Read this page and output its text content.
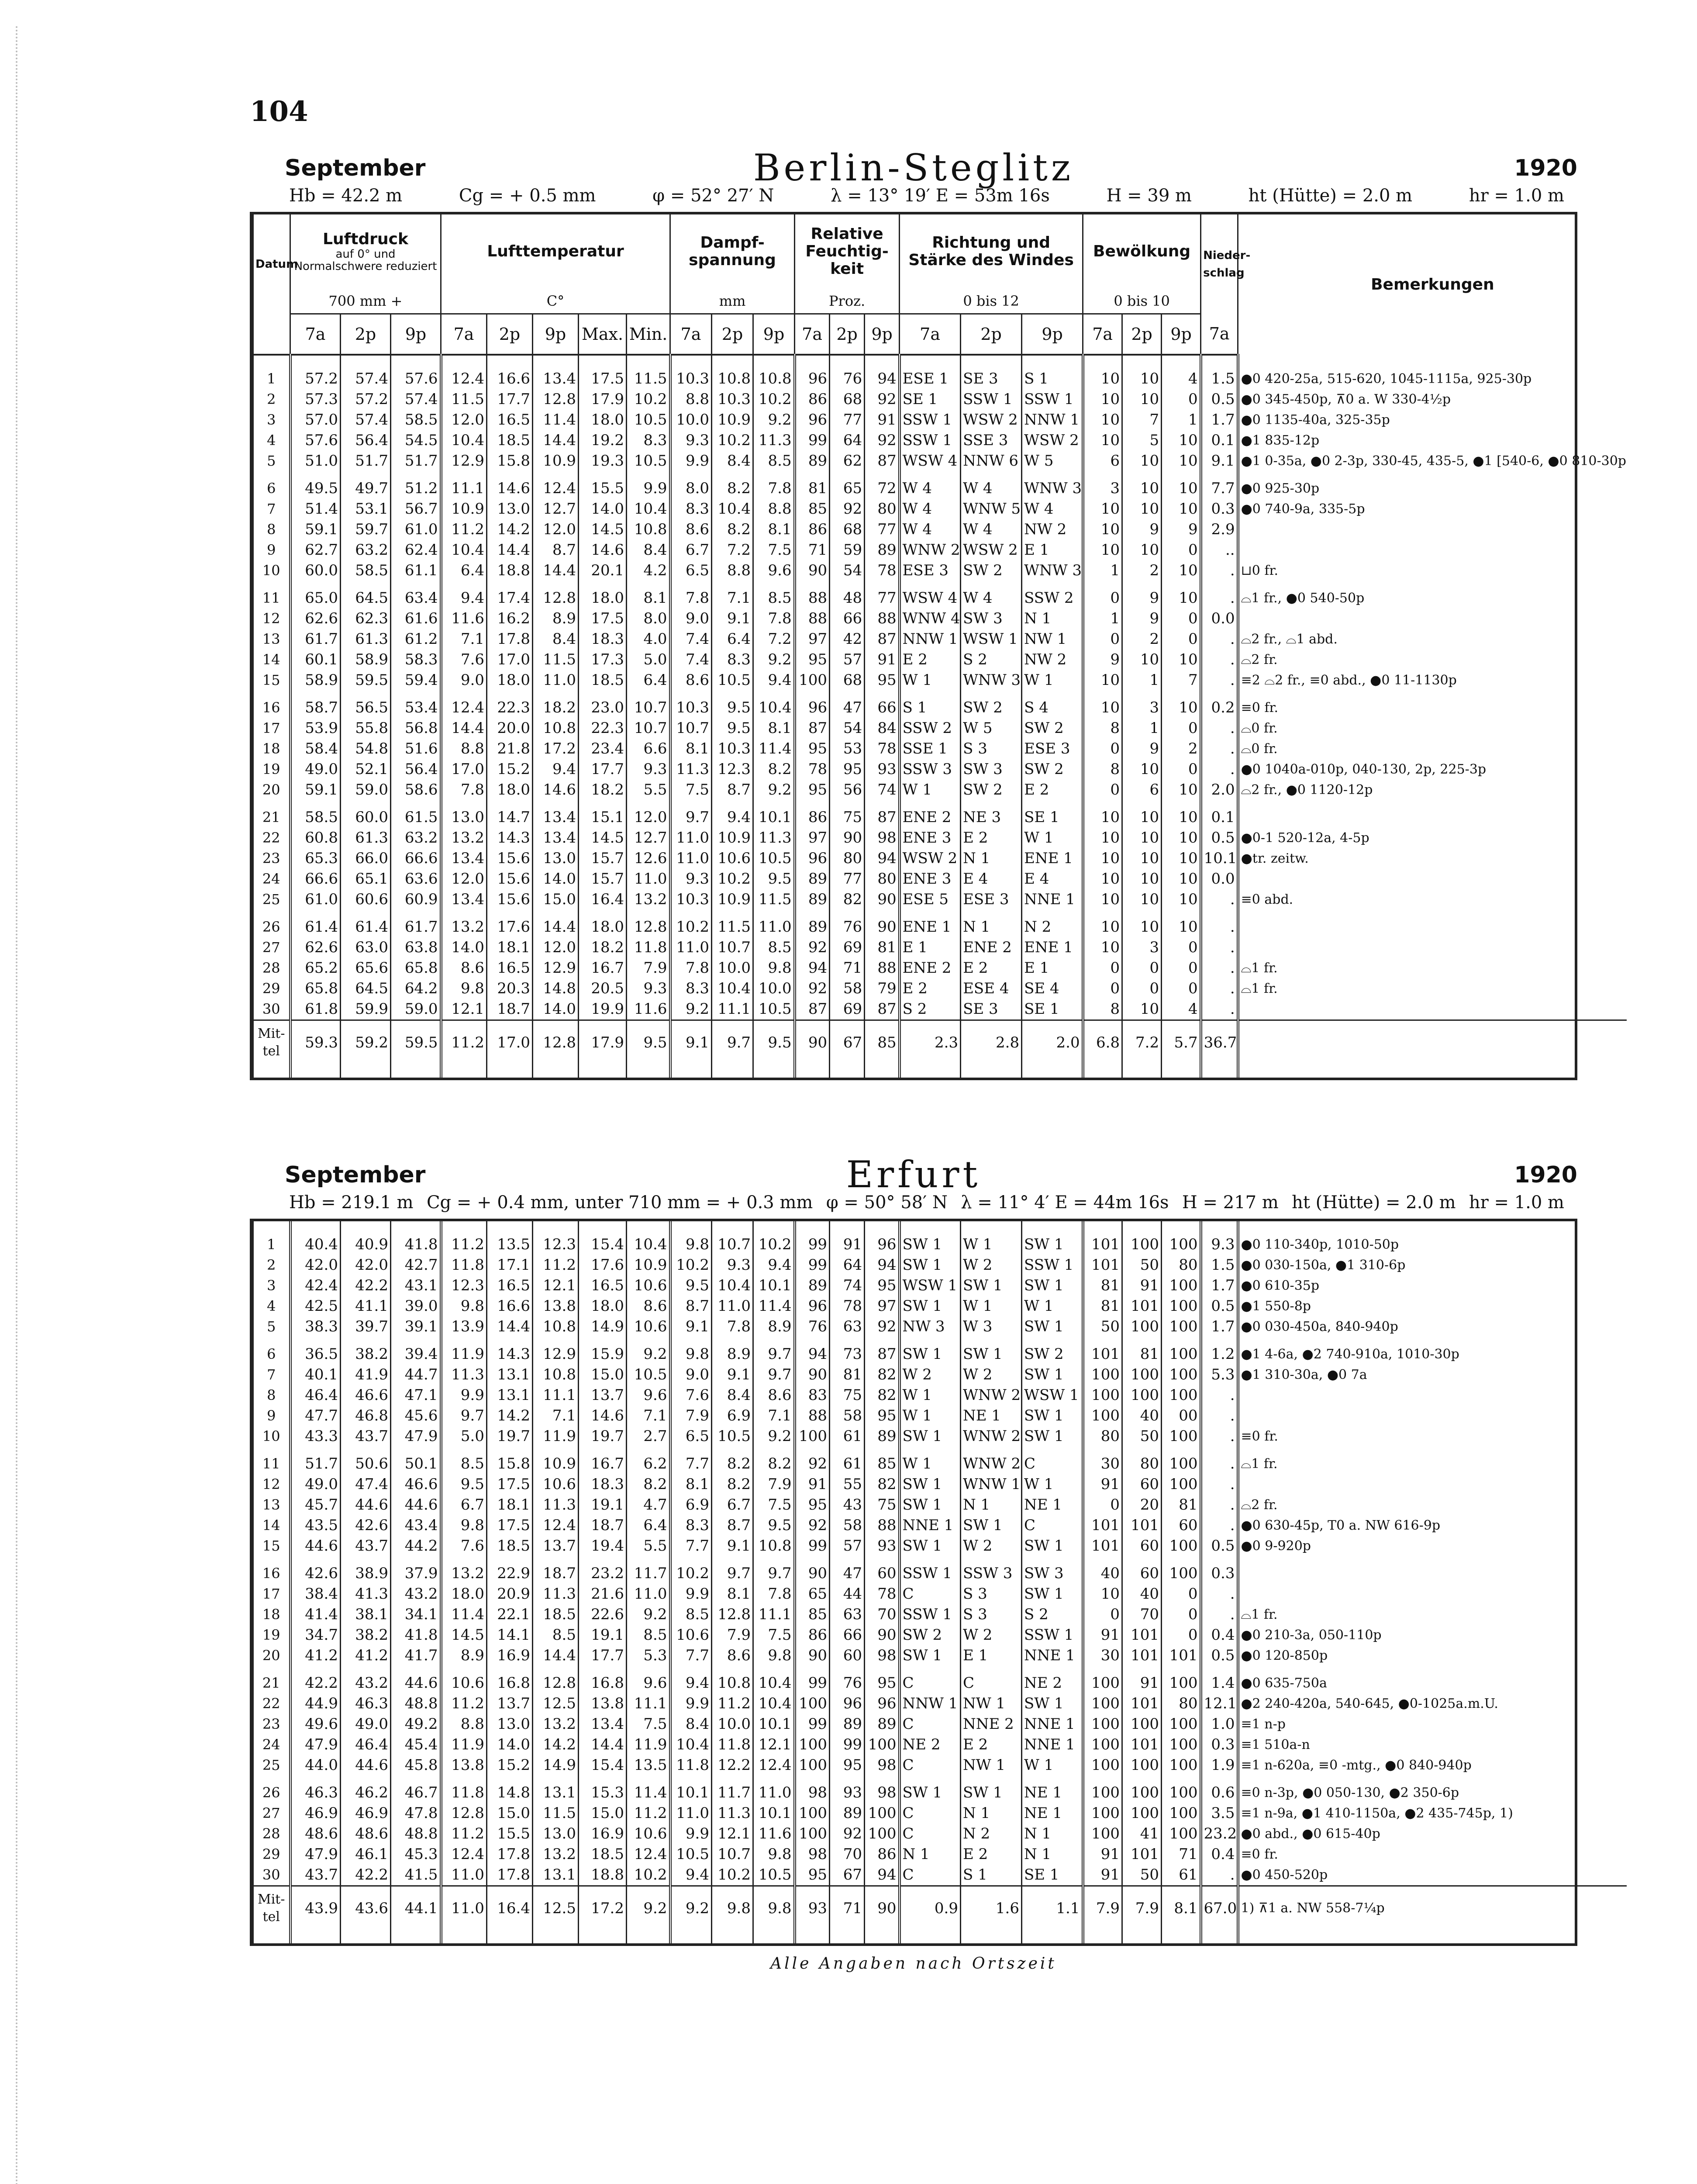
104
September	Berlin-Steglitz	1920
Hb = 42.2 m	Cg = + 0.5 mm	φ = 52° 27′ N	λ = 13° 19′ E = 53m 16s	H = 39 m	ht (Hütte) = 2.0 m	hr = 1.0 m
Datum	Luftdruck
auf 0° und Normalschwere reduziert			Lufttemperatur					Dampf-spannung			Relative Feuchtig-keit			Richtung und Stärke des Windes			Bewölkung			Nieder-schlag	Bemerkungen
	700 mm +			C°					mm			Proz.			0 bis 12			0 bis 10				
	7a	2p	9p	7a	2p	9p	Max.	Min.	7a	2p	9p	7a	2p	9p	7a	2p	9p	7a	2p	9p	7a	

1	57.2	57.4	57.6	12.4	16.6	13.4	17.5	11.5	10.3	10.8	10.8	96	76	94	ESE 1	SE 3	S 1	10	10	4	1.5	●0 420-25a, 515-620, 1045-1115a, 925-30p
2	57.3	57.2	57.4	11.5	17.7	12.8	17.9	10.2	8.8	10.3	10.2	86	68	92	SE 1	SSW 1	SSW 1	10	10	0	0.5	●0 345-450p, ⊼0 a. W 330-4½p
3	57.0	57.4	58.5	12.0	16.5	11.4	18.0	10.5	10.0	10.9	9.2	96	77	91	SSW 1	WSW 2	NNW 1	10	7	1	1.7	●0 1135-40a, 325-35p
4	57.6	56.4	54.5	10.4	18.5	14.4	19.2	8.3	9.3	10.2	11.3	99	64	92	SSW 1	SSE 3	WSW 2	10	5	10	0.1	●1 835-12p
5	51.0	51.7	51.7	12.9	15.8	10.9	19.3	10.5	9.9	8.4	8.5	89	62	87	WSW 4	NNW 6	W 5	6	10	10	9.1	●1 0-35a, ●0 2-3p, 330-45, 435-5, ●1 [540-6, ●0 810-30p

6	49.5	49.7	51.2	11.1	14.6	12.4	15.5	9.9	8.0	8.2	7.8	81	65	72	W 4	W 4	WNW 3	3	10	10	7.7	●0 925-30p
7	51.4	53.1	56.7	10.9	13.0	12.7	14.0	10.4	8.3	10.4	8.8	85	92	80	W 4	WNW 5	W 4	10	10	10	0.3	●0 740-9a, 335-5p
8	59.1	59.7	61.0	11.2	14.2	12.0	14.5	10.8	8.6	8.2	8.1	86	68	77	W 4	W 4	NW 2	10	9	9	2.9	
9	62.7	63.2	62.4	10.4	14.4	8.7	14.6	8.4	6.7	7.2	7.5	71	59	89	WNW 2	WSW 2	E 1	10	10	0	..	
10	60.0	58.5	61.1	6.4	18.8	14.4	20.1	4.2	6.5	8.8	9.6	90	54	78	ESE 3	SW 2	WNW 3	1	2	10	.	⊔0 fr.

11	65.0	64.5	63.4	9.4	17.4	12.8	18.0	8.1	7.8	7.1	8.5	88	48	77	WSW 4	W 4	SSW 2	0	9	10	.	⌓1 fr., ●0 540-50p
12	62.6	62.3	61.6	11.6	16.2	8.9	17.5	8.0	9.0	9.1	7.8	88	66	88	WNW 4	SW 3	N 1	1	9	0	0.0	
13	61.7	61.3	61.2	7.1	17.8	8.4	18.3	4.0	7.4	6.4	7.2	97	42	87	NNW 1	WSW 1	NW 1	0	2	0	.	⌓2 fr., ⌓1 abd.
14	60.1	58.9	58.3	7.6	17.0	11.5	17.3	5.0	7.4	8.3	9.2	95	57	91	E 2	S 2	NW 2	9	10	10	.	⌓2 fr.
15	58.9	59.5	59.4	9.0	18.0	11.0	18.5	6.4	8.6	10.5	9.4	100	68	95	W 1	WNW 3	W 1	10	1	7	.	≡2 ⌓2 fr., ≡0 abd., ●0 11-1130p

16	58.7	56.5	53.4	12.4	22.3	18.2	23.0	10.7	10.3	9.5	10.4	96	47	66	S 1	SW 2	S 4	10	3	10	0.2	≡0 fr.
17	53.9	55.8	56.8	14.4	20.0	10.8	22.3	10.7	10.7	9.5	8.1	87	54	84	SSW 2	W 5	SW 2	8	1	0	.	⌓0 fr.
18	58.4	54.8	51.6	8.8	21.8	17.2	23.4	6.6	8.1	10.3	11.4	95	53	78	SSE 1	S 3	ESE 3	0	9	2	.	⌓0 fr.
19	49.0	52.1	56.4	17.0	15.2	9.4	17.7	9.3	11.3	12.3	8.2	78	95	93	SSW 3	SW 3	SW 2	8	10	0	.	●0 1040a-010p, 040-130, 2p, 225-3p
20	59.1	59.0	58.6	7.8	18.0	14.6	18.2	5.5	7.5	8.7	9.2	95	56	74	W 1	SW 2	E 2	0	6	10	2.0	⌓2 fr., ●0 1120-12p

21	58.5	60.0	61.5	13.0	14.7	13.4	15.1	12.0	9.7	9.4	10.1	86	75	87	ENE 2	NE 3	SE 1	10	10	10	0.1	
22	60.8	61.3	63.2	13.2	14.3	13.4	14.5	12.7	11.0	10.9	11.3	97	90	98	ENE 3	E 2	W 1	10	10	10	0.5	●0-1 520-12a, 4-5p
23	65.3	66.0	66.6	13.4	15.6	13.0	15.7	12.6	11.0	10.6	10.5	96	80	94	WSW 2	N 1	ENE 1	10	10	10	10.1	●tr. zeitw.
24	66.6	65.1	63.6	12.0	15.6	14.0	15.7	11.0	9.3	10.2	9.5	89	77	80	ENE 3	E 4	E 4	10	10	10	0.0	
25	61.0	60.6	60.9	13.4	15.6	15.0	16.4	13.2	10.3	10.9	11.5	89	82	90	ESE 5	ESE 3	NNE 1	10	10	10	.	≡0 abd.

26	61.4	61.4	61.7	13.2	17.6	14.4	18.0	12.8	10.2	11.5	11.0	89	76	90	ENE 1	N 1	N 2	10	10	10	.	
27	62.6	63.0	63.8	14.0	18.1	12.0	18.2	11.8	11.0	10.7	8.5	92	69	81	E 1	ENE 2	ENE 1	10	3	0	.	
28	65.2	65.6	65.8	8.6	16.5	12.9	16.7	7.9	7.8	10.0	9.8	94	71	88	ENE 2	E 2	E 1	0	0	0	.	⌓1 fr.
29	65.8	64.5	64.2	9.8	20.3	14.8	20.5	9.3	8.3	10.4	10.0	92	58	79	E 2	ESE 4	SE 4	0	0	0	.	⌓1 fr.
30	61.8	59.9	59.0	12.1	18.7	14.0	19.9	11.6	9.2	11.1	10.5	87	69	87	S 2	SE 3	SE 1	8	10	4	.	
Mit-tel	59.3	59.2	59.5	11.2	17.0	12.8	17.9	9.5	9.1	9.7	9.5	90	67	85	2.3	2.8	2.0	6.8	7.2	5.7	36.7	

September	Erfurt	1920
Hb = 219.1 m Cg = + 0.4 mm, unter 710 mm = + 0.3 mm φ = 50° 58′ N λ = 11° 4′ E = 44m 16s H = 217 m ht (Hütte) = 2.0 m hr = 1.0 m

1	40.4	40.9	41.8	11.2	13.5	12.3	15.4	10.4	9.8	10.7	10.2	99	91	96	SW 1	W 1	SW 1	101	100	100	9.3	●0 110-340p, 1010-50p
2	42.0	42.0	42.7	11.8	17.1	11.2	17.6	10.9	10.2	9.3	9.4	99	64	94	SW 1	W 2	SSW 1	101	50	80	1.5	●0 030-150a, ●1 310-6p
3	42.4	42.2	43.1	12.3	16.5	12.1	16.5	10.6	9.5	10.4	10.1	89	74	95	WSW 1	SW 1	SW 1	81	91	100	1.7	●0 610-35p
4	42.5	41.1	39.0	9.8	16.6	13.8	18.0	8.6	8.7	11.0	11.4	96	78	97	SW 1	W 1	W 1	81	101	100	0.5	●1 550-8p
5	38.3	39.7	39.1	13.9	14.4	10.8	14.9	10.6	9.1	7.8	8.9	76	63	92	NW 3	W 3	SW 1	50	100	100	1.7	●0 030-450a, 840-940p

6	36.5	38.2	39.4	11.9	14.3	12.9	15.9	9.2	9.8	8.9	9.7	94	73	87	SW 1	SW 1	SW 2	101	81	100	1.2	●1 4-6a, ●2 740-910a, 1010-30p
7	40.1	41.9	44.7	11.3	13.1	10.8	15.0	10.5	9.0	9.1	9.7	90	81	82	W 2	W 2	SW 1	100	100	100	5.3	●1 310-30a, ●0 7a
8	46.4	46.6	47.1	9.9	13.1	11.1	13.7	9.6	7.6	8.4	8.6	83	75	82	W 1	WNW 2	WSW 1	100	100	100	.	
9	47.7	46.8	45.6	9.7	14.2	7.1	14.6	7.1	7.9	6.9	7.1	88	58	95	W 1	NE 1	SW 1	100	40	00	.	
10	43.3	43.7	47.9	5.0	19.7	11.9	19.7	2.7	6.5	10.5	9.2	100	61	89	SW 1	WNW 2	SW 1	80	50	100	.	≡0 fr.

11	51.7	50.6	50.1	8.5	15.8	10.9	16.7	6.2	7.7	8.2	8.2	92	61	85	W 1	WNW 2	C	30	80	100	.	⌓1 fr.
12	49.0	47.4	46.6	9.5	17.5	10.6	18.3	8.2	8.1	8.2	7.9	91	55	82	SW 1	WNW 1	W 1	91	60	100	.	
13	45.7	44.6	44.6	6.7	18.1	11.3	19.1	4.7	6.9	6.7	7.5	95	43	75	SW 1	N 1	NE 1	0	20	81	.	⌓2 fr.
14	43.5	42.6	43.4	9.8	17.5	12.4	18.7	6.4	8.3	8.7	9.5	92	58	88	NNE 1	SW 1	C	101	101	60	.	●0 630-45p, T0 a. NW 616-9p
15	44.6	43.7	44.2	7.6	18.5	13.7	19.4	5.5	7.7	9.1	10.8	99	57	93	SW 1	W 2	SW 1	101	60	100	0.5	●0 9-920p

16	42.6	38.9	37.9	13.2	22.9	18.7	23.2	11.7	10.2	9.7	9.7	90	47	60	SSW 1	SSW 3	SW 3	40	60	100	0.3	
17	38.4	41.3	43.2	18.0	20.9	11.3	21.6	11.0	9.9	8.1	7.8	65	44	78	C	S 3	SW 1	10	40	0	.	
18	41.4	38.1	34.1	11.4	22.1	18.5	22.6	9.2	8.5	12.8	11.1	85	63	70	SSW 1	S 3	S 2	0	70	0	.	⌓1 fr.
19	34.7	38.2	41.8	14.5	14.1	8.5	19.1	8.5	10.6	7.9	7.5	86	66	90	SW 2	W 2	SSW 1	91	101	0	0.4	●0 210-3a, 050-110p
20	41.2	41.2	41.7	8.9	16.9	14.4	17.7	5.3	7.7	8.6	9.8	90	60	98	SW 1	E 1	NNE 1	30	101	101	0.5	●0 120-850p

21	42.2	43.2	44.6	10.6	16.8	12.8	16.8	9.6	9.4	10.8	10.4	99	76	95	C	C	NE 2	100	91	100	1.4	●0 635-750a
22	44.9	46.3	48.8	11.2	13.7	12.5	13.8	11.1	9.9	11.2	10.4	100	96	96	NNW 1	NW 1	SW 1	100	101	80	12.1	●2 240-420a, 540-645, ●0-1025a.m.U.
23	49.6	49.0	49.2	8.8	13.0	13.2	13.4	7.5	8.4	10.0	10.1	99	89	89	C	NNE 2	NNE 1	100	100	100	1.0	≡1 n-p
24	47.9	46.4	45.4	11.9	14.0	14.2	14.4	11.9	10.4	11.8	12.1	100	99	100	NE 2	E 2	NNE 1	100	101	100	0.3	≡1 510a-n
25	44.0	44.6	45.8	13.8	15.2	14.9	15.4	13.5	11.8	12.2	12.4	100	95	98	C	NW 1	W 1	100	100	100	1.9	≡1 n-620a, ≡0 -mtg., ●0 840-940p

26	46.3	46.2	46.7	11.8	14.8	13.1	15.3	11.4	10.1	11.7	11.0	98	93	98	SW 1	SW 1	NE 1	100	100	100	0.6	≡0 n-3p, ●0 050-130, ●2 350-6p
27	46.9	46.9	47.8	12.8	15.0	11.5	15.0	11.2	11.0	11.3	10.1	100	89	100	C	N 1	NE 1	100	100	100	3.5	≡1 n-9a, ●1 410-1150a, ●2 435-745p, 1)
28	48.6	48.6	48.8	11.2	15.5	13.0	16.9	10.6	9.9	12.1	11.6	100	92	100	C	N 2	N 1	100	41	100	23.2	●0 abd., ●0 615-40p
29	47.9	46.1	45.3	12.4	17.8	13.2	18.5	12.4	10.5	10.7	9.8	98	70	86	N 1	E 2	N 1	91	101	71	0.4	≡0 fr.
30	43.7	42.2	41.5	11.0	17.8	13.1	18.8	10.2	9.4	10.2	10.5	95	67	94	C	S 1	SE 1	91	50	61	.	●0 450-520p
Mit-tel	43.9	43.6	44.1	11.0	16.4	12.5	17.2	9.2	9.2	9.8	9.8	93	71	90	0.9	1.6	1.1	7.9	7.9	8.1	67.0	1) ⊼1 a. NW 558-7¼p

Alle Angaben nach Ortszeit
